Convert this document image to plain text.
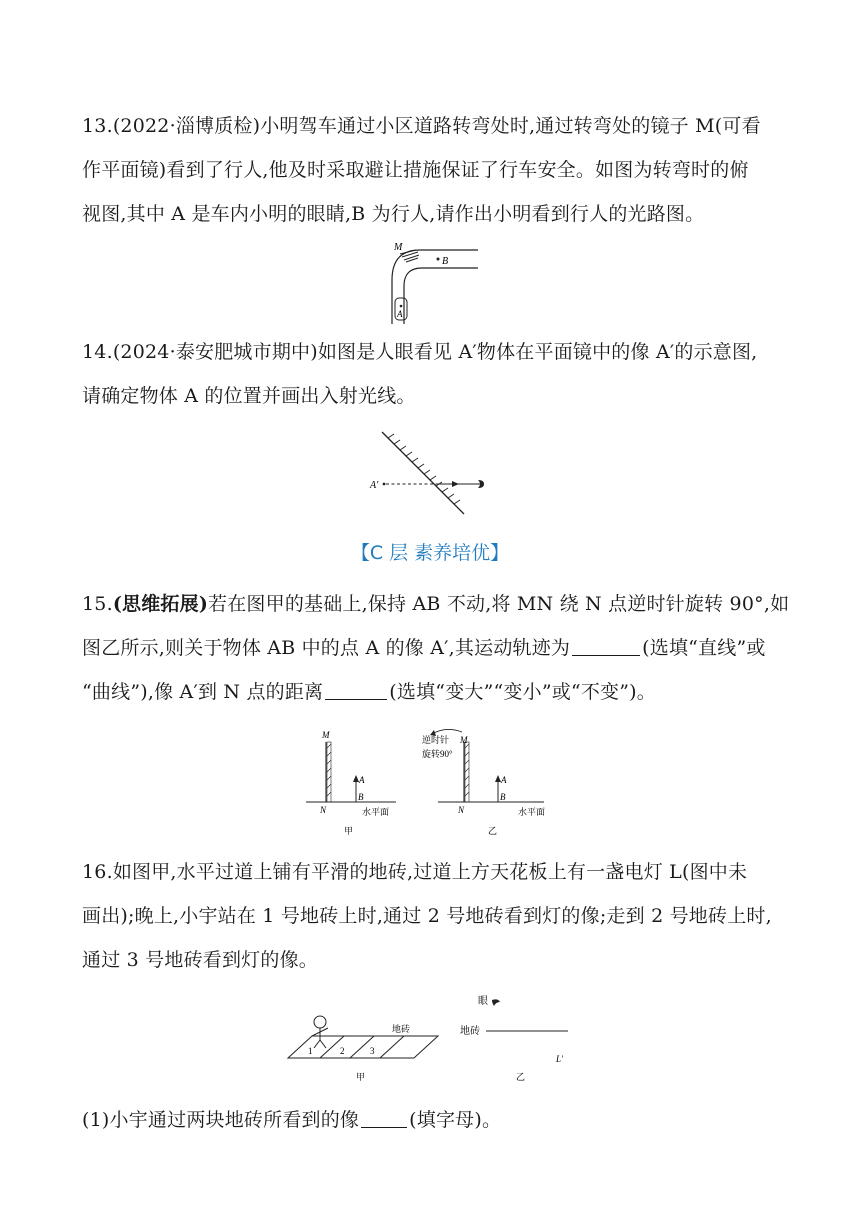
13.(2022·淄博质检)小明驾车通过小区道路转弯处时,通过转弯处的镜子 M(可看
作平面镜)看到了行人,他及时采取避让措施保证了行车安全。如图为转弯时的俯
视图,其中 A 是车内小明的眼睛,B 为行人,请作出小明看到行人的光路图。
M
B
A
14.(2024·泰安肥城市期中)如图是人眼看见 A′物体在平面镜中的像 A′的示意图,
请确定物体 A 的位置并画出入射光线。
A′
【C 层 素养培优】
15.(思维拓展)若在图甲的基础上,保持 AB 不动,将 MN 绕 N 点逆时针旋转 90°,如
图乙所示,则关于物体 AB 中的点 A 的像 A′,其运动轨迹为	(选填“直线”或
“曲线”),像 A′到 N 点的距离	(选填“变大”“变小”或“不变”)。
M
N
A
B
水平面
甲
逆时针
旋转90°
M
N
A
B
水平面
乙
16.如图甲,水平过道上铺有平滑的地砖,过道上方天花板上有一盏电灯 L(图中未
画出);晚上,小宇站在 1 号地砖上时,通过 2 号地砖看到灯的像;走到 2 号地砖上时,
通过 3 号地砖看到灯的像。
1	2	3
地砖
甲
眼
地砖
L′
乙
(1)小宇通过两块地砖所看到的像	(填字母)。
